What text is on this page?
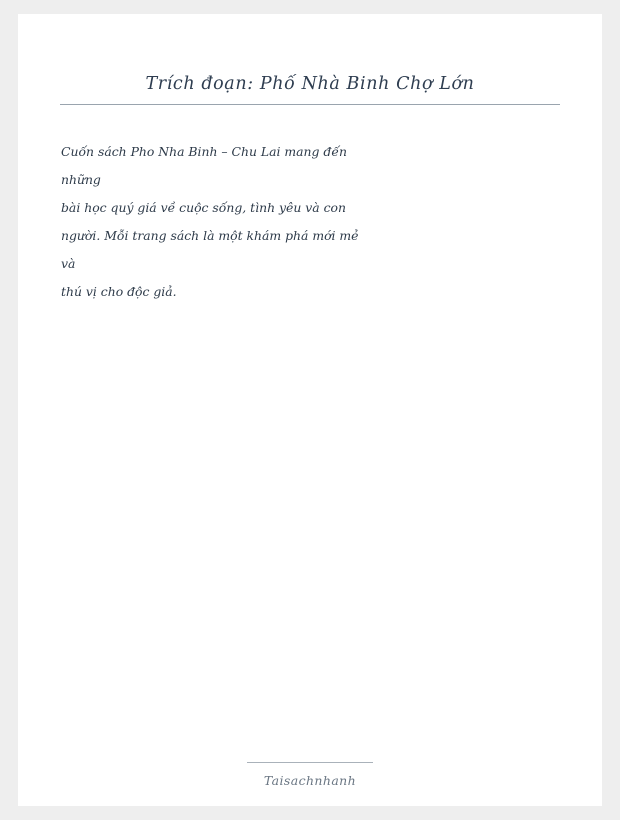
Trích đoạn: Phố Nhà Binh Chợ Lớn
Cuốn sách Pho Nha Binh – Chu Lai mang đến
những
bài học quý giá về cuộc sống, tình yêu và con
người. Mỗi trang sách là một khám phá mới mẻ
và
thú vị cho độc giả.
Taisachnhanh
